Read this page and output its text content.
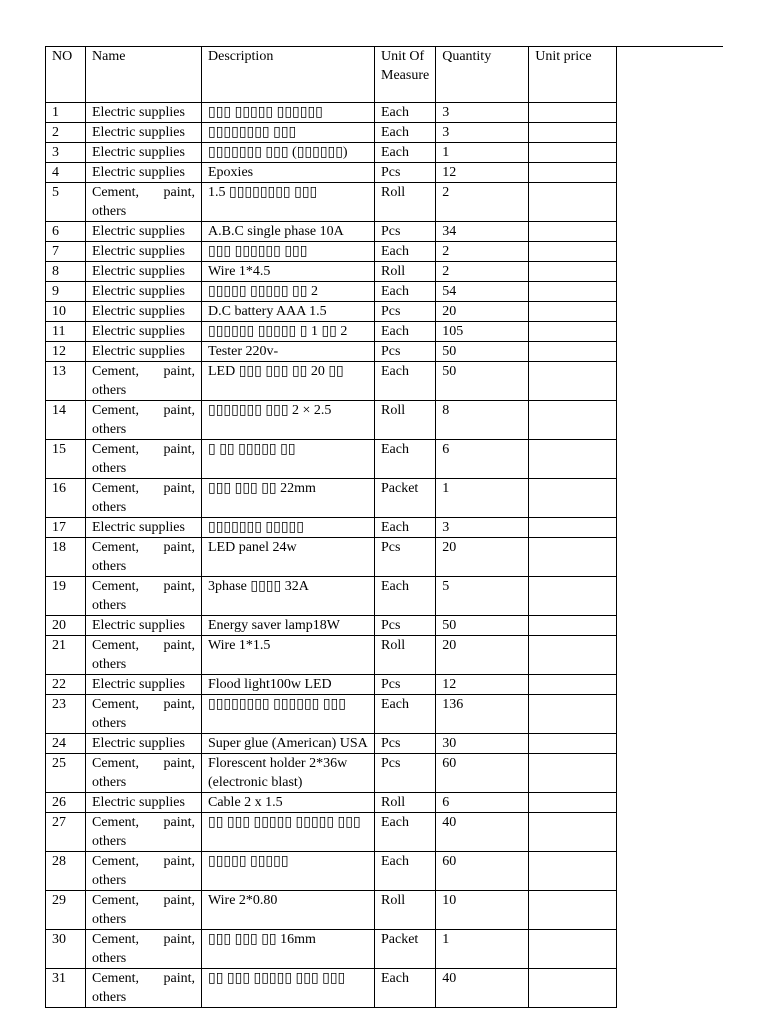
NO	Name	Description	Unit Of Measure	Quantity	Unit price
1	Electric supplies	▯▯▯ ▯▯▯▯▯ ▯▯▯▯▯▯	Each	3	
2	Electric supplies	▯▯▯▯▯▯▯▯ ▯▯▯	Each	3	
3	Electric supplies	▯▯▯▯▯▯▯ ▯▯▯ (▯▯▯▯▯▯)	Each	1	
4	Electric supplies	Epoxies	Pcs	12	
5	Cement, paint, others	1.5 ▯▯▯▯▯▯▯▯ ▯▯▯	Roll	2	
6	Electric supplies	A.B.C single phase 10A	Pcs	34	
7	Electric supplies	▯▯▯ ▯▯▯▯▯▯ ▯▯▯	Each	2	
8	Electric supplies	Wire 1*4.5	Roll	2	
9	Electric supplies	▯▯▯▯▯ ▯▯▯▯▯ ▯▯ 2	Each	54	
10	Electric supplies	D.C battery AAA 1.5	Pcs	20	
11	Electric supplies	▯▯▯▯▯▯ ▯▯▯▯▯ ▯ 1 ▯▯ 2	Each	105	
12	Electric supplies	Tester 220v-	Pcs	50	
13	Cement, paint, others	LED ▯▯▯ ▯▯▯ ▯▯ 20 ▯▯	Each	50	
14	Cement, paint, others	▯▯▯▯▯▯▯ ▯▯▯ 2 × 2.5	Roll	8	
15	Cement, paint, others	▯ ▯▯ ▯▯▯▯▯ ▯▯	Each	6	
16	Cement, paint, others	▯▯▯ ▯▯▯ ▯▯ 22mm	Packet	1	
17	Electric supplies	▯▯▯▯▯▯▯ ▯▯▯▯▯	Each	3	
18	Cement, paint, others	LED panel 24w	Pcs	20	
19	Cement, paint, others	3phase ▯▯▯▯ 32A	Each	5	
20	Electric supplies	Energy saver lamp18W	Pcs	50	
21	Cement, paint, others	Wire 1*1.5	Roll	20	
22	Electric supplies	Flood light100w LED	Pcs	12	
23	Cement, paint, others	▯▯▯▯▯▯▯▯ ▯▯▯▯▯▯ ▯▯▯	Each	136	
24	Electric supplies	Super glue (American) USA	Pcs	30	
25	Cement, paint, others	Florescent holder 2*36w (electronic blast)	Pcs	60	
26	Electric supplies	Cable 2 x 1.5	Roll	6	
27	Cement, paint, others	▯▯ ▯▯▯ ▯▯▯▯▯ ▯▯▯▯▯ ▯▯▯	Each	40	
28	Cement, paint, others	▯▯▯▯▯ ▯▯▯▯▯	Each	60	
29	Cement, paint, others	Wire 2*0.80	Roll	10	
30	Cement, paint, others	▯▯▯ ▯▯▯ ▯▯ 16mm	Packet	1	
31	Cement, paint, others	▯▯ ▯▯▯ ▯▯▯▯▯ ▯▯▯ ▯▯▯	Each	40	
